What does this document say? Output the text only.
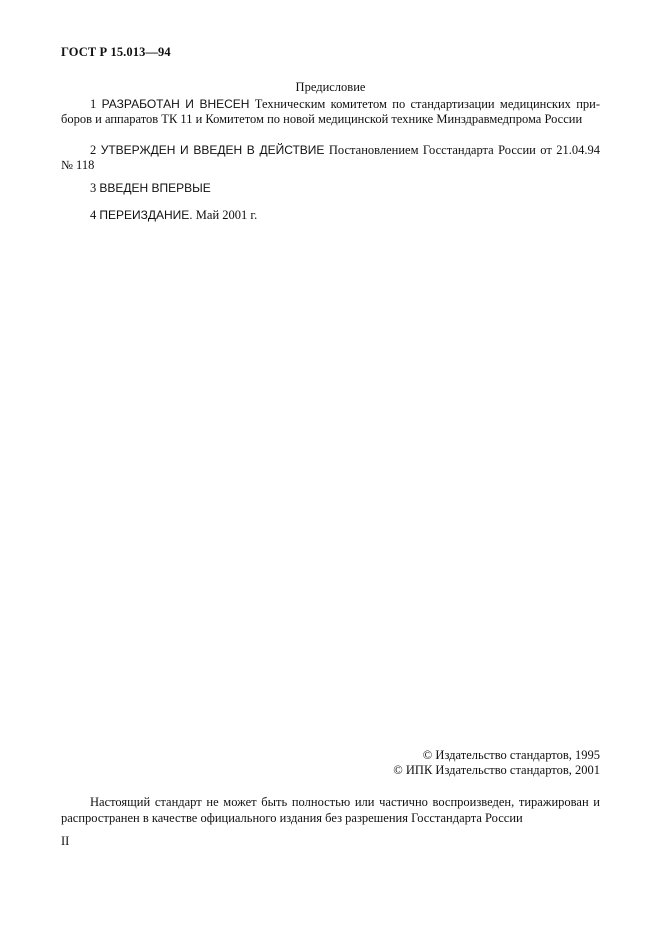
ГОСТ Р 15.013—94
Предисловие
1 РАЗРАБОТАН И ВНЕСЕН Техническим комитетом по стандартизации медицинских при-
боров и аппаратов ТК 11 и Комитетом по новой медицинской технике Минздравмедпрома России
2 УТВЕРЖДЕН И ВВЕДЕН В ДЕЙСТВИЕ Постановлением Госстандарта России от 21.04.94
№ 118
3 ВВЕДЕН ВПЕРВЫЕ
4 ПЕРЕИЗДАНИЕ. Май 2001 г.
© Издательство стандартов, 1995
© ИПК Издательство стандартов, 2001
Настоящий стандарт не может быть полностью или частично воспроизведен, тиражирован и
распространен в качестве официального издания без разрешения Госстандарта России
II
